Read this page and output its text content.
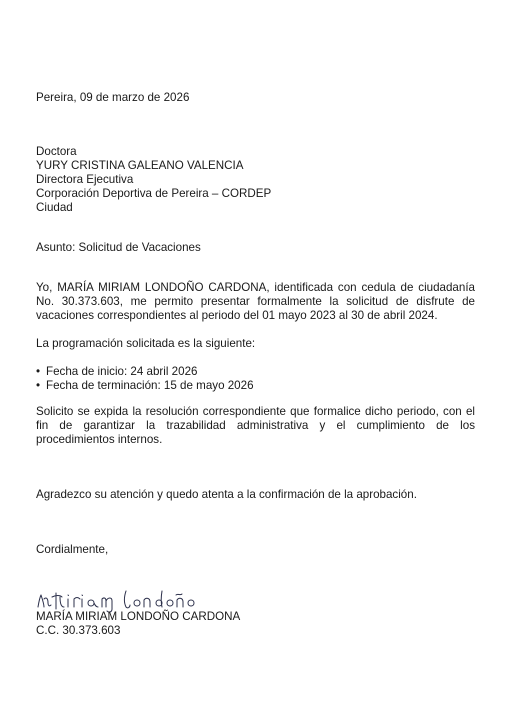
Pereira, 09 de marzo de 2026
Doctora
YURY CRISTINA GALEANO VALENCIA
Directora Ejecutiva
Corporación Deportiva de Pereira – CORDEP
Ciudad
Asunto: Solicitud de Vacaciones
Yo, MARÍA MIRIAM LONDOÑO CARDONA, identificada con cedula de ciudadanía No. 30.373.603, me permito presentar formalmente la solicitud de disfrute de vacaciones correspondientes al periodo del 01 mayo 2023 al 30 de abril 2024.
La programación solicitada es la siguiente:
• Fecha de inicio: 24 abril 2026
• Fecha de terminación: 15 de mayo 2026
Solicito se expida la resolución correspondiente que formalice dicho periodo, con el fin de garantizar la trazabilidad administrativa y el cumplimiento de los procedimientos internos.
Agradezco su atención y quedo atenta a la confirmación de la aprobación.
Cordialmente,
MARÍA MIRIAM LONDOÑO CARDONA
C.C. 30.373.603
